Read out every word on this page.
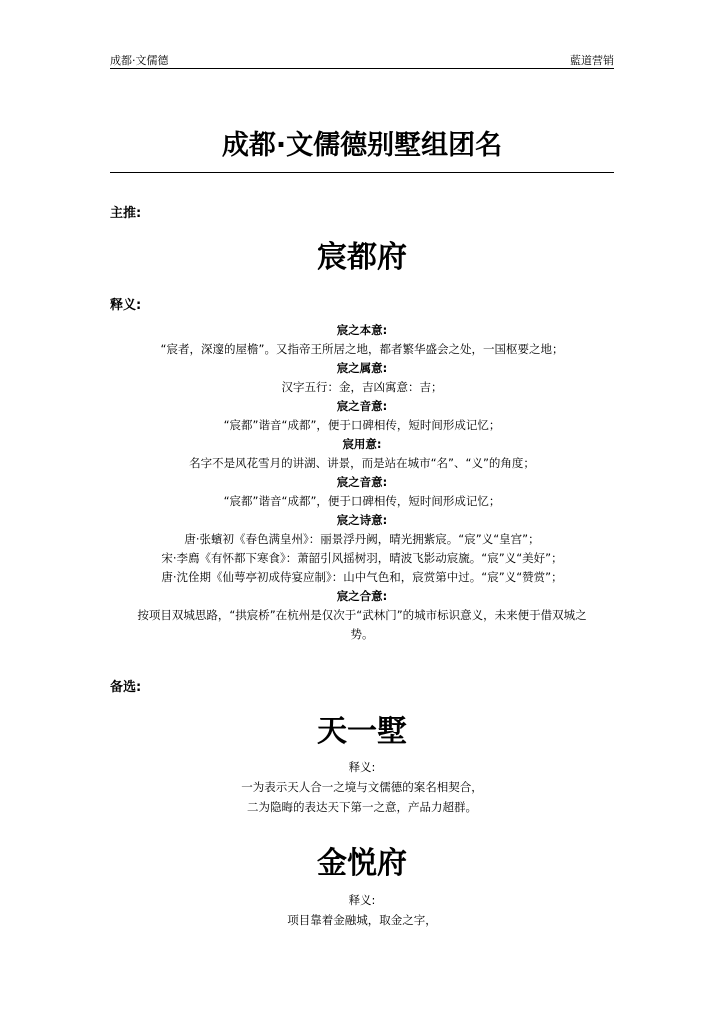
成都·文儒德	藍道营销
成都·文儒德别墅组团名
主推:
宸都府
释义:
宸之本意:
“宸者，深邃的屋檐”。又指帝王所居之地，都者繁华盛会之处，一国枢要之地；
宸之属意:
汉字五行：金，吉凶寓意：吉；
宸之音意:
“宸都”谐音“成都”，便于口碑相传，短时间形成记忆；
宸用意:
名字不是风花雪月的讲湖、讲景，而是站在城市“名”、“义”的角度；
宸之音意:
“宸都”谐音“成都”，便于口碑相传，短时间形成记忆；
宸之诗意:
唐·张蠙初《春色满皇州》：丽景浮丹阙，晴光拥紫宸。“宸”义“皇宫”；
宋·李廌《有怀都下寒食》：萧韶引风摇树羽，晴波飞影动宸旒。“宸”义“美好”；
唐·沈佺期《仙萼亭初成侍宴应制》：山中气色和，宸赏第中过。“宸”义“赞赏”；
宸之合意:
按项目双城思路，“拱宸桥”在杭州是仅次于“武林门”的城市标识意义，未来便于借双城之
势。
备选:
天一墅
释义:
一为表示天人合一之境与文儒德的案名相契合，
二为隐晦的表达天下第一之意，产品力超群。
金悦府
释义:
项目靠着金融城，取金之字，
